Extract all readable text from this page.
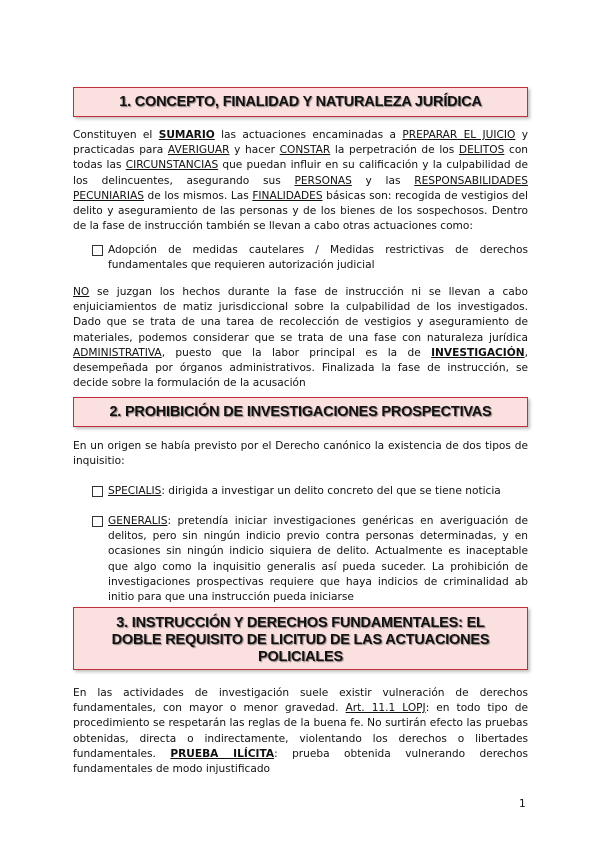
1. CONCEPTO, FINALIDAD Y NATURALEZA JURÍDICA
Constituyen el SUMARIO las actuaciones encaminadas a PREPARAR EL JUICIO y practicadas para AVERIGUAR y hacer CONSTAR la perpetración de los DELITOS con todas las CIRCUNSTANCIAS que puedan influir en su calificación y la culpabilidad de los delincuentes, asegurando sus PERSONAS y las RESPONSABILIDADES PECUNIARIAS de los mismos. Las FINALIDADES básicas son: recogida de vestigios del delito y aseguramiento de las personas y de los bienes de los sospechosos. Dentro de la fase de instrucción también se llevan a cabo otras actuaciones como:
Adopción de medidas cautelares / Medidas restrictivas de derechos fundamentales que requieren autorización judicial
NO se juzgan los hechos durante la fase de instrucción ni se llevan a cabo enjuiciamientos de matiz jurisdiccional sobre la culpabilidad de los investigados. Dado que se trata de una tarea de recolección de vestigios y aseguramiento de materiales, podemos considerar que se trata de una fase con naturaleza jurídica ADMINISTRATIVA, puesto que la labor principal es la de INVESTIGACIÓN, desempeñada por órganos administrativos. Finalizada la fase de instrucción, se decide sobre la formulación de la acusación
2. PROHIBICIÓN DE INVESTIGACIONES PROSPECTIVAS
En un origen se había previsto por el Derecho canónico la existencia de dos tipos de inquisitio:
SPECIALIS: dirigida a investigar un delito concreto del que se tiene noticia
GENERALIS: pretendía iniciar investigaciones genéricas en averiguación de delitos, pero sin ningún indicio previo contra personas determinadas, y en ocasiones sin ningún indicio siquiera de delito. Actualmente es inaceptable que algo como la inquisitio generalis así pueda suceder. La prohibición de investigaciones prospectivas requiere que haya indicios de criminalidad ab initio para que una instrucción pueda iniciarse
3. INSTRUCCIÓN Y DERECHOS FUNDAMENTALES: EL
DOBLE REQUISITO DE LICITUD DE LAS ACTUACIONES
POLICIALES
En las actividades de investigación suele existir vulneración de derechos fundamentales, con mayor o menor gravedad. Art. 11.1 LOPJ: en todo tipo de procedimiento se respetarán las reglas de la buena fe. No surtirán efecto las pruebas obtenidas, directa o indirectamente, violentando los derechos o libertades fundamentales. PRUEBA ILÍCITA: prueba obtenida vulnerando derechos fundamentales de modo injustificado
1
